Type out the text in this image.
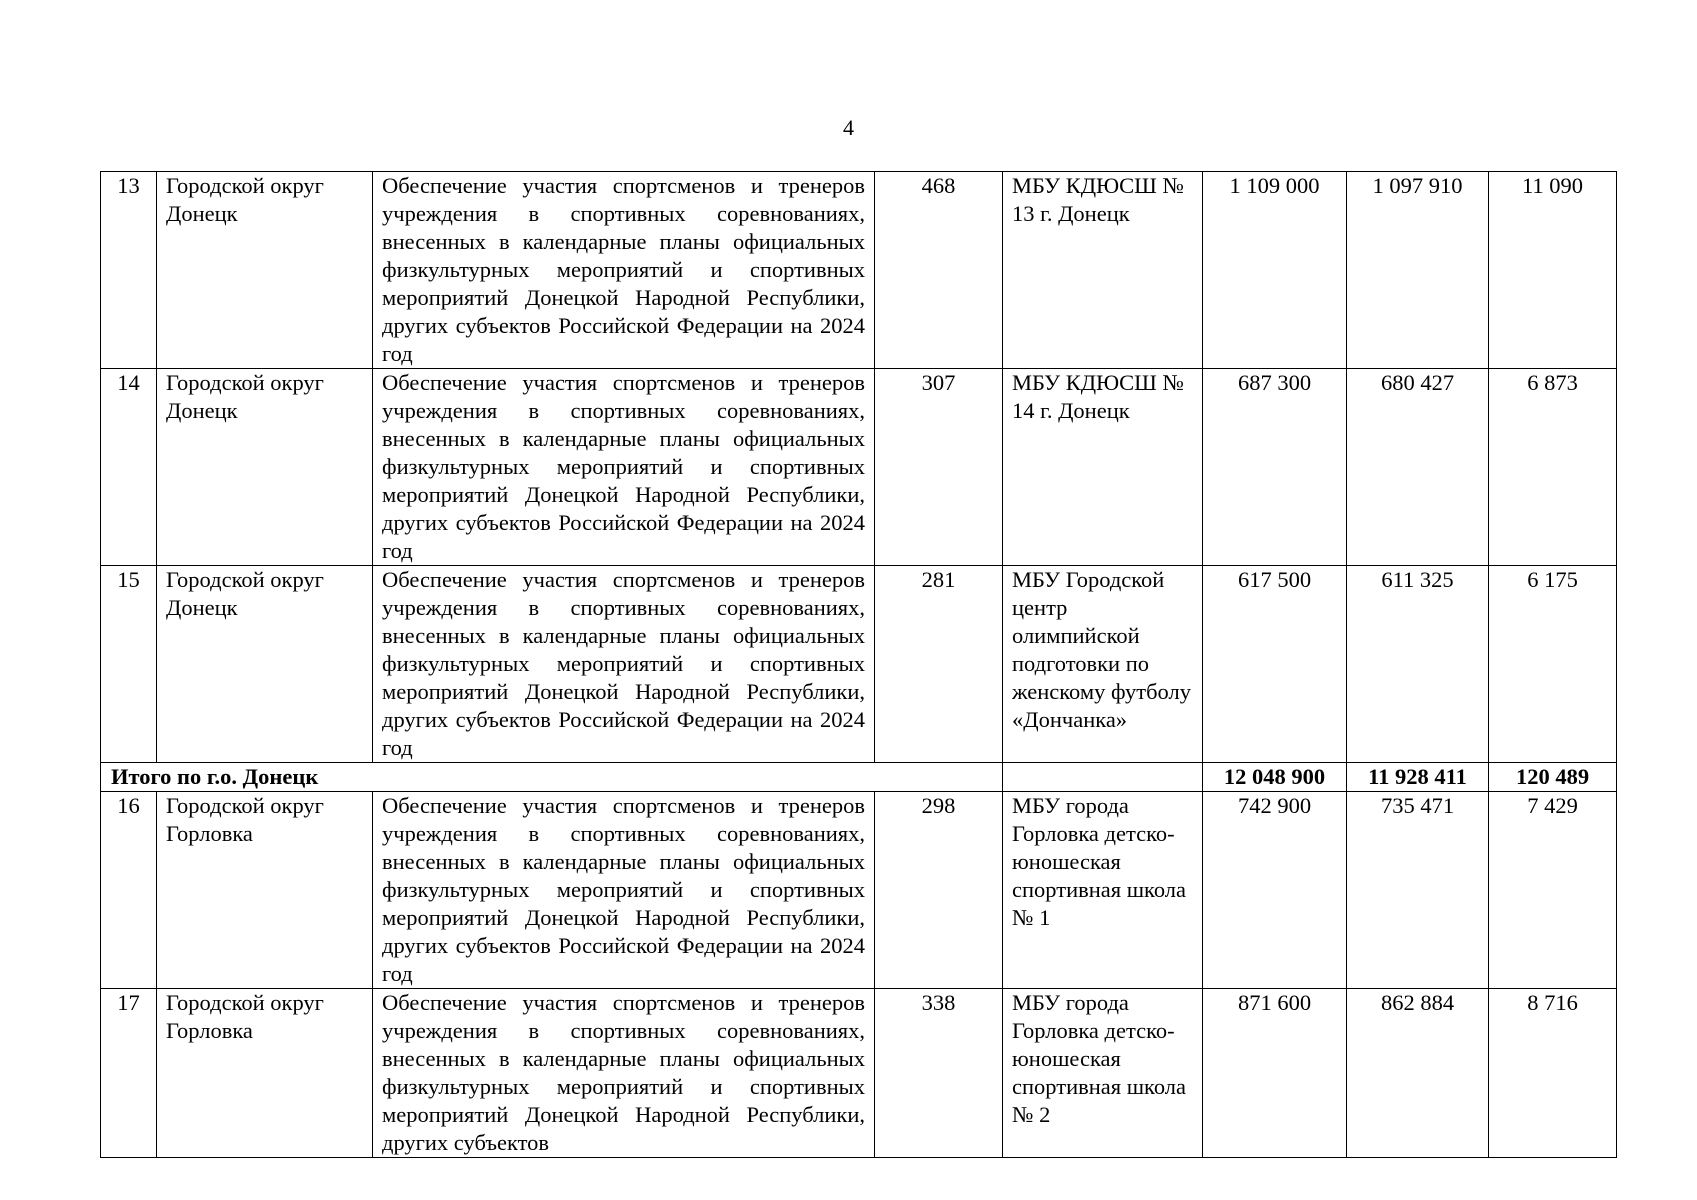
4
13	Городской округ Донецк	Обеспечение участия спортсменов и тренеров учреждения в спортивных соревнованиях, внесенных в календарные планы официальных физкультурных мероприятий и спортивных мероприятий Донецкой Народной Республики, других субъектов Российской Федерации на 2024 год	468	МБУ КДЮСШ № 13 г. Донецк	1 109 000	1 097 910	11 090
14	Городской округ Донецк	Обеспечение участия спортсменов и тренеров учреждения в спортивных соревнованиях, внесенных в календарные планы официальных физкультурных мероприятий и спортивных мероприятий Донецкой Народной Республики, других субъектов Российской Федерации на 2024 год	307	МБУ КДЮСШ № 14 г. Донецк	687 300	680 427	6 873
15	Городской округ Донецк	Обеспечение участия спортсменов и тренеров учреждения в спортивных соревнованиях, внесенных в календарные планы официальных физкультурных мероприятий и спортивных мероприятий Донецкой Народной Республики, других субъектов Российской Федерации на 2024 год	281	МБУ Городской центр олимпийской подготовки по женскому футболу «Дончанка»	617 500	611 325	6 175
Итого по г.о. Донецк					12 048 900	11 928 411	120 489
16	Городской округ Горловка	Обеспечение участия спортсменов и тренеров учреждения в спортивных соревнованиях, внесенных в календарные планы официальных физкультурных мероприятий и спортивных мероприятий Донецкой Народной Республики, других субъектов Российской Федерации на 2024 год	298	МБУ города Горловка детско-юношеская спортивная школа № 1	742 900	735 471	7 429
17	Городской округ Горловка	Обеспечение участия спортсменов и тренеров учреждения в спортивных соревнованиях, внесенных в календарные планы официальных физкультурных мероприятий и спортивных мероприятий Донецкой Народной Республики, других субъектов	338	МБУ города Горловка детско-юношеская спортивная школа № 2	871 600	862 884	8 716
